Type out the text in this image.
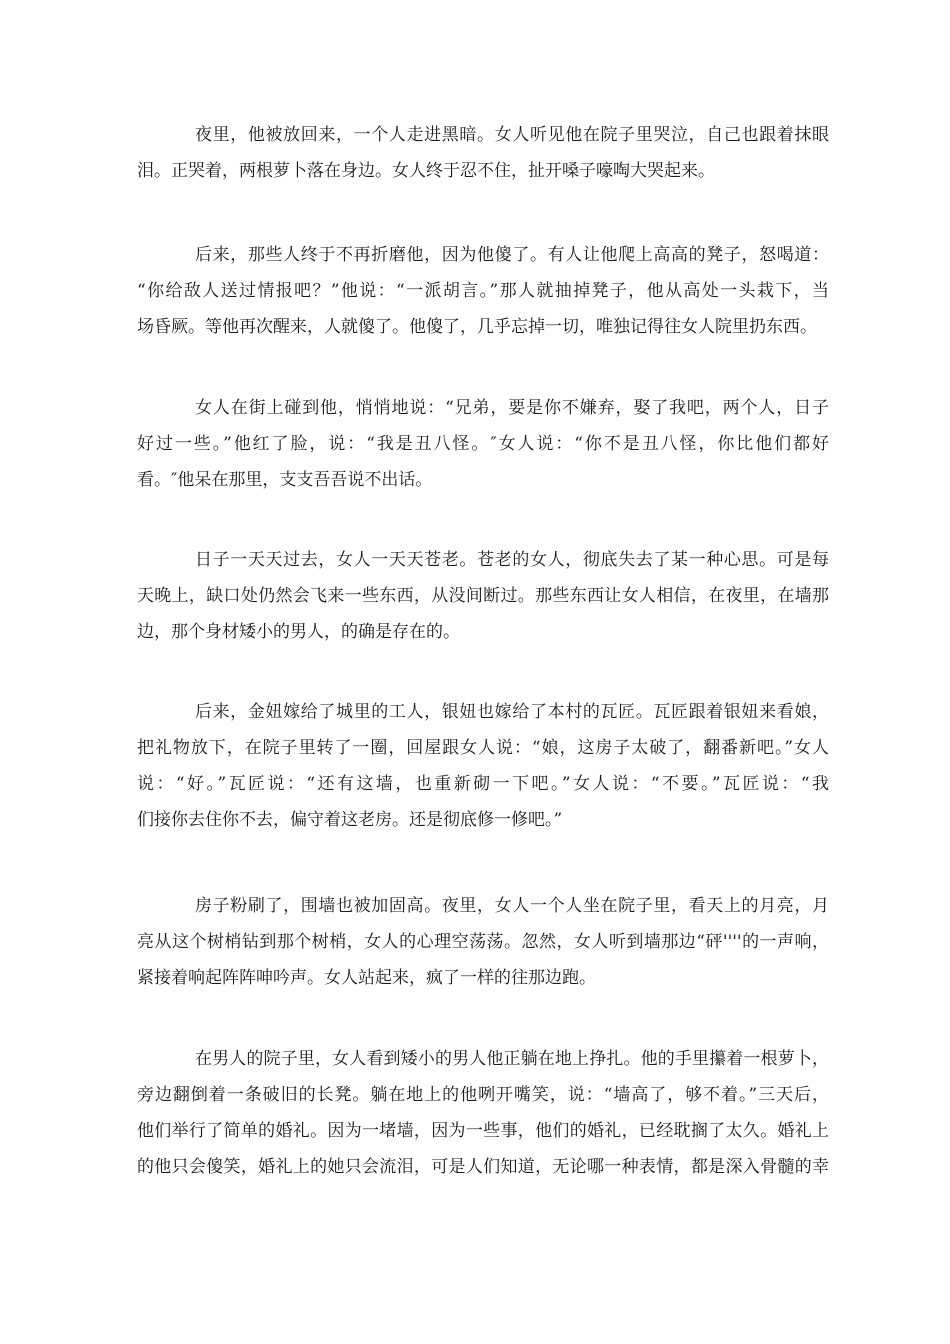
夜里，他被放回来，一个人走进黑暗。女人听见他在院子里哭泣，自己也跟着抹眼
泪。正哭着，两根萝卜落在身边。女人终于忍不住，扯开嗓子嚎啕大哭起来。

后来，那些人终于不再折磨他，因为他傻了。有人让他爬上高高的凳子，怒喝道：
“你给敌人送过情报吧？”他说：“一派胡言。”那人就抽掉凳子，他从高处一头栽下，当
场昏厥。等他再次醒来，人就傻了。他傻了，几乎忘掉一切，唯独记得往女人院里扔东西。

女人在街上碰到他，悄悄地说：“兄弟，要是你不嫌弃，娶了我吧，两个人，日子
好过一些。”他红了脸，说：“我是丑八怪。″女人说：“你不是丑八怪，你比他们都好
看。″他呆在那里，支支吾吾说不出话。

日子一天天过去，女人一天天苍老。苍老的女人，彻底失去了某一种心思。可是每
天晚上，缺口处仍然会飞来一些东西，从没间断过。那些东西让女人相信，在夜里，在墙那
边，那个身材矮小的男人，的确是存在的。

后来，金妞嫁给了城里的工人，银妞也嫁给了本村的瓦匠。瓦匠跟着银妞来看娘，
把礼物放下，在院子里转了一圈，回屋跟女人说：“娘，这房子太破了，翻番新吧。”女人
说：“好。”瓦匠说：“还有这墙，也重新砌一下吧。”女人说：“不要。”瓦匠说：“我
们接你去住你不去，偏守着这老房。还是彻底修一修吧。”

房子粉刷了，围墙也被加固高。夜里，女人一个人坐在院子里，看天上的月亮，月
亮从这个树梢钻到那个树梢，女人的心理空荡荡。忽然，女人听到墙那边“砰''''的一声响，
紧接着响起阵阵呻吟声。女人站起来，疯了一样的往那边跑。

在男人的院子里，女人看到矮小的男人他正躺在地上挣扎。他的手里攥着一根萝卜，
旁边翻倒着一条破旧的长凳。躺在地上的他咧开嘴笑，说：“墙高了，够不着。”三天后，
他们举行了简单的婚礼。因为一堵墙，因为一些事，他们的婚礼，已经耽搁了太久。婚礼上
的他只会傻笑，婚礼上的她只会流泪，可是人们知道，无论哪一种表情，都是深入骨髓的幸
